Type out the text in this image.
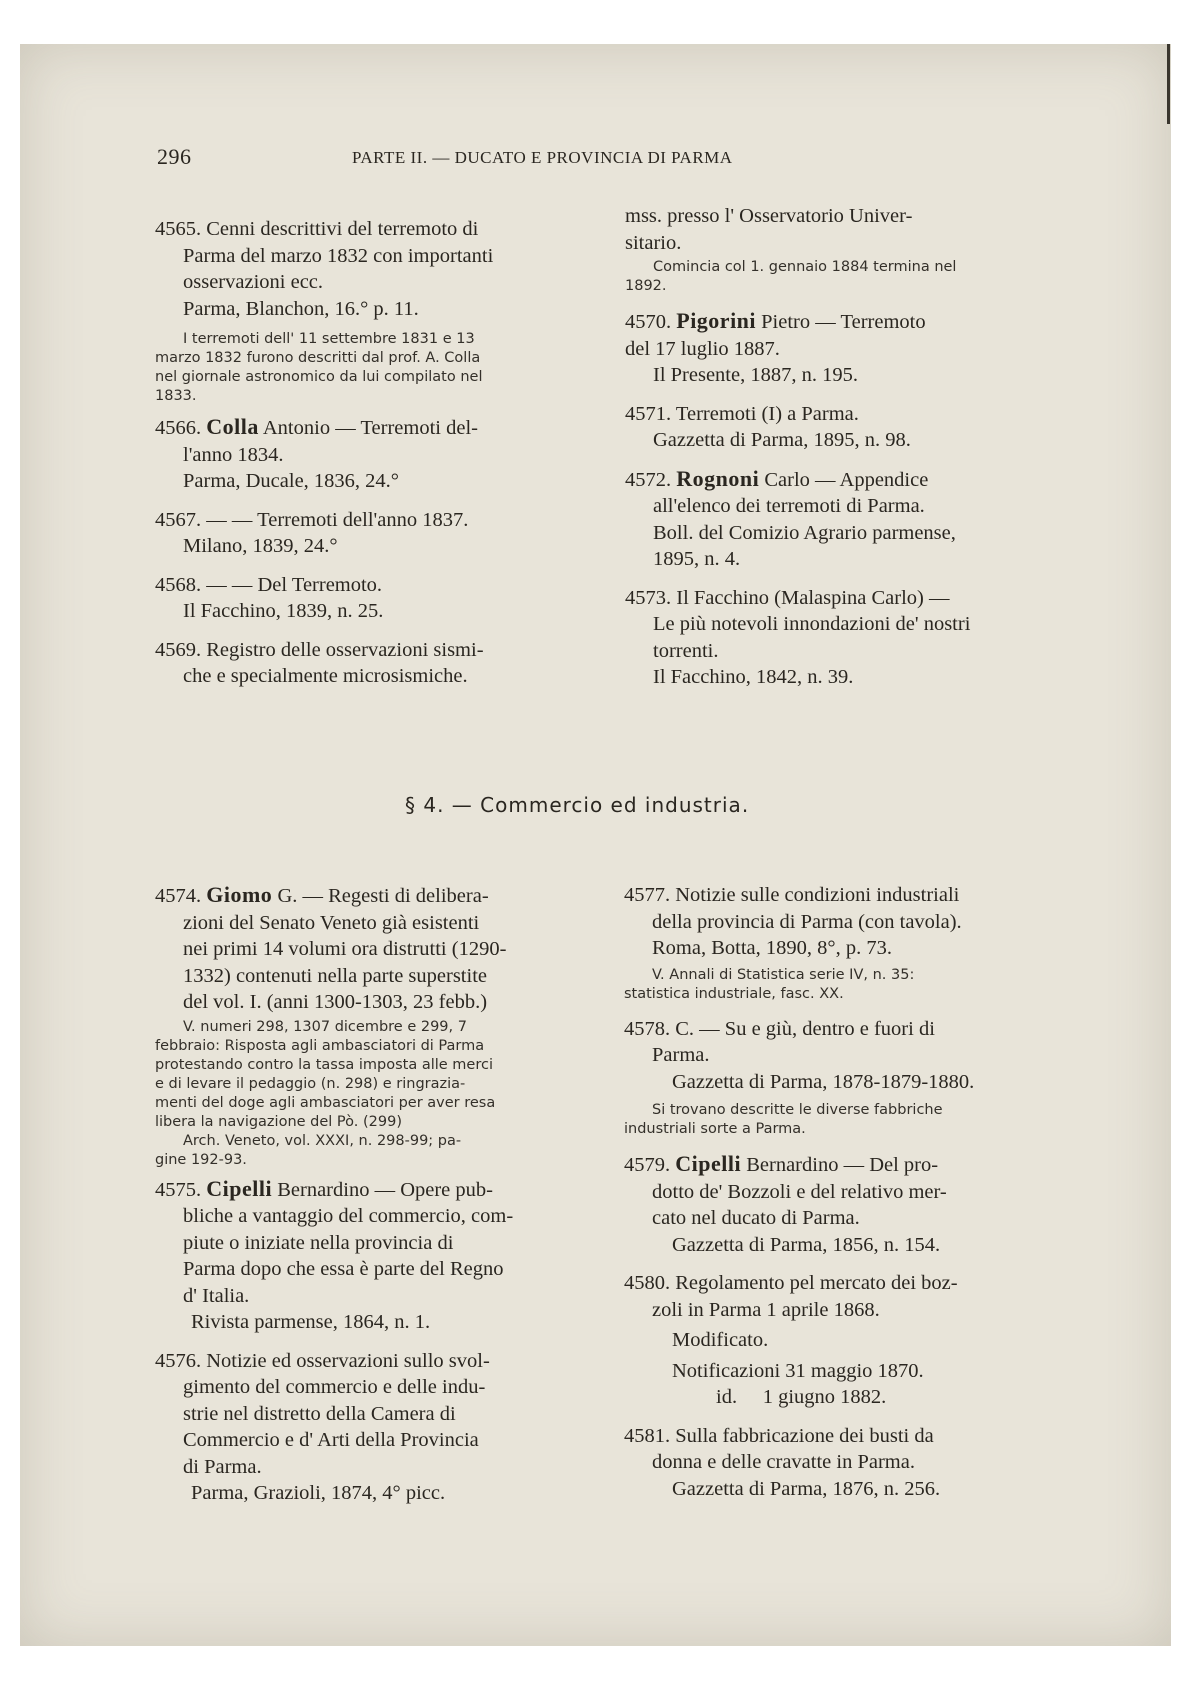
296	PARTE II. — DUCATO E PROVINCIA DI PARMA

4565. Cenni descrittivi del terremoto di

Parma del marzo 1832 con importanti

osservazioni ecc.

Parma, Blanchon, 16.° p. 11.

I terremoti dell' 11 settembre 1831 e 13
marzo 1832 furono descritti dal prof. A. Colla
nel giornale astronomico da lui compilato nel
1833.

4566. Colla Antonio — Terremoti del-

l'anno 1834.

Parma, Ducale, 1836, 24.°

4567. — — Terremoti dell'anno 1837.

Milano, 1839, 24.°

4568. — — Del Terremoto.

Il Facchino, 1839, n. 25.

4569. Registro delle osservazioni sismi-

che e specialmente microsismiche.

mss. presso l' Osservatorio Univer-

sitario.

Comincia col 1. gennaio 1884 termina nel
1892.

4570. Pigorini Pietro — Terremoto

del 17 luglio 1887.

Il Presente, 1887, n. 195.

4571. Terremoti (I) a Parma.

Gazzetta di Parma, 1895, n. 98.

4572. Rognoni Carlo — Appendice

all'elenco dei terremoti di Parma.

Boll. del Comizio Agrario parmense,

1895, n. 4.

4573. Il Facchino (Malaspina Carlo) —

Le più notevoli innondazioni de' nostri

torrenti.

Il Facchino, 1842, n. 39.

§ 4. — Commercio ed industria.

4574. Giomo G. — Regesti di delibera-

zioni del Senato Veneto già esistenti

nei primi 14 volumi ora distrutti (1290-

1332) contenuti nella parte superstite

del vol. I. (anni 1300-1303, 23 febb.)

V. numeri 298, 1307 dicembre e 299, 7
febbraio: Risposta agli ambasciatori di Parma
protestando contro la tassa imposta alle merci
e di levare il pedaggio (n. 298) e ringrazia-
menti del doge agli ambasciatori per aver resa
libera la navigazione del Pò. (299)
Arch. Veneto, vol. XXXI, n. 298-99; pa-
gine 192-93.

4575. Cipelli Bernardino — Opere pub-

bliche a vantaggio del commercio, com-

piute o iniziate nella provincia di

Parma dopo che essa è parte del Regno

d' Italia.

Rivista parmense, 1864, n. 1.

4576. Notizie ed osservazioni sullo svol-

gimento del commercio e delle indu-

strie nel distretto della Camera di

Commercio e d' Arti della Provincia

di Parma.

Parma, Grazioli, 1874, 4° picc.

4577. Notizie sulle condizioni industriali

della provincia di Parma (con tavola).

Roma, Botta, 1890, 8°, p. 73.

V. Annali di Statistica serie IV, n. 35:
statistica industriale, fasc. XX.

4578. C. — Su e giù, dentro e fuori di

Parma.

Gazzetta di Parma, 1878-1879-1880.

Si trovano descritte le diverse fabbriche
industriali sorte a Parma.

4579. Cipelli Bernardino — Del pro-

dotto de' Bozzoli e del relativo mer-

cato nel ducato di Parma.

Gazzetta di Parma, 1856, n. 154.

4580. Regolamento pel mercato dei boz-

zoli in Parma 1 aprile 1868.

Modificato.

Notificazioni 31 maggio 1870.

id.     1 giugno 1882.

4581. Sulla fabbricazione dei busti da

donna e delle cravatte in Parma.

Gazzetta di Parma, 1876, n. 256.
